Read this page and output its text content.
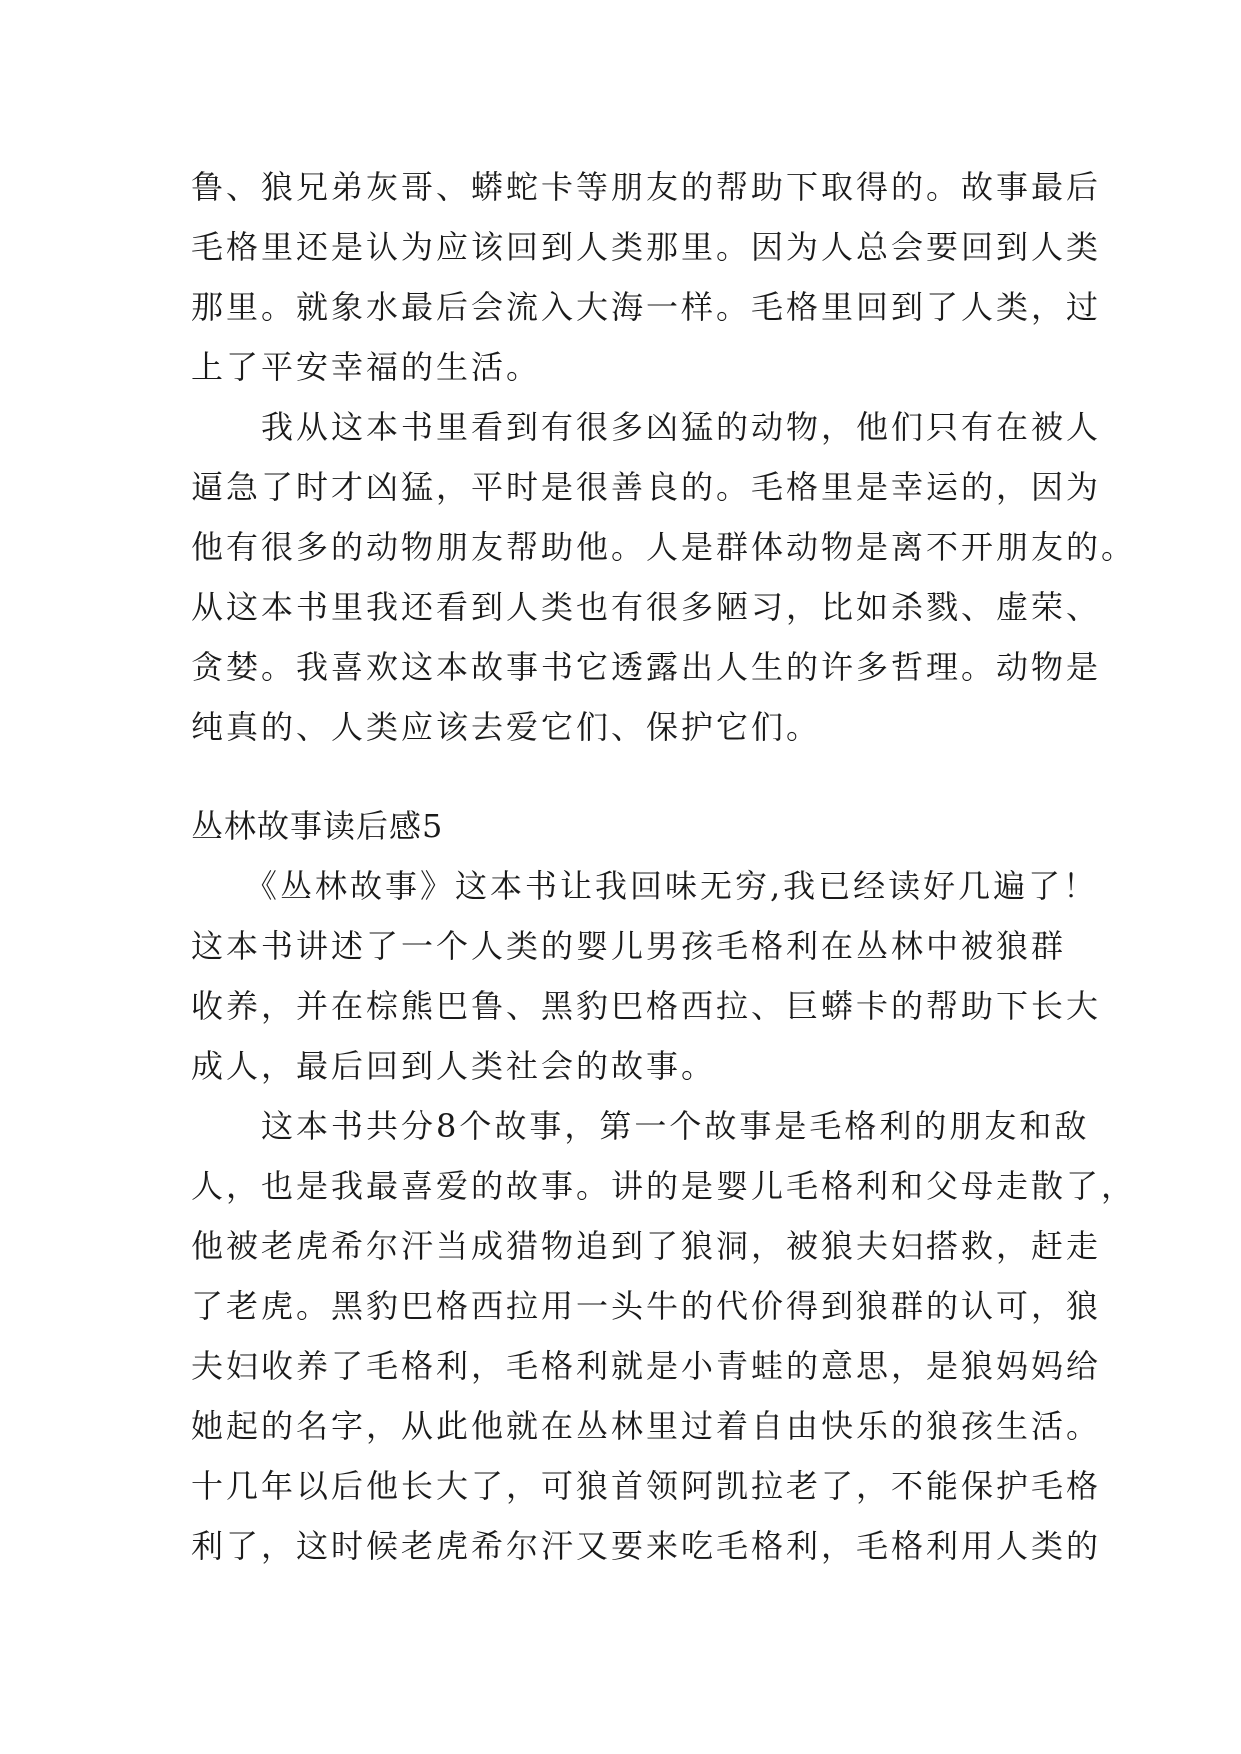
鲁、狼兄弟灰哥、蟒蛇卡等朋友的帮助下取得的。故事最后
毛格里还是认为应该回到人类那里。因为人总会要回到人类
那里。就象水最后会流入大海一样。毛格里回到了人类，过
上了平安幸福的生活。
　　我从这本书里看到有很多凶猛的动物，他们只有在被人
逼急了时才凶猛，平时是很善良的。毛格里是幸运的，因为
他有很多的动物朋友帮助他。人是群体动物是离不开朋友的。
从这本书里我还看到人类也有很多陋习，比如杀戮、虚荣、
贪婪。我喜欢这本故事书它透露出人生的许多哲理。动物是
纯真的、人类应该去爱它们、保护它们。
丛林故事读后感5
　　《丛林故事》这本书让我回味无穷,我已经读好几遍了！
这本书讲述了一个人类的婴儿男孩毛格利在丛林中被狼群
收养，并在棕熊巴鲁、黑豹巴格西拉、巨蟒卡的帮助下长大
成人，最后回到人类社会的故事。
　　这本书共分8个故事，第一个故事是毛格利的朋友和敌
人，也是我最喜爱的故事。讲的是婴儿毛格利和父母走散了，
他被老虎希尔汗当成猎物追到了狼洞，被狼夫妇搭救，赶走
了老虎。黑豹巴格西拉用一头牛的代价得到狼群的认可，狼
夫妇收养了毛格利，毛格利就是小青蛙的意思，是狼妈妈给
她起的名字，从此他就在丛林里过着自由快乐的狼孩生活。
十几年以后他长大了，可狼首领阿凯拉老了，不能保护毛格
利了，这时候老虎希尔汗又要来吃毛格利，毛格利用人类的
